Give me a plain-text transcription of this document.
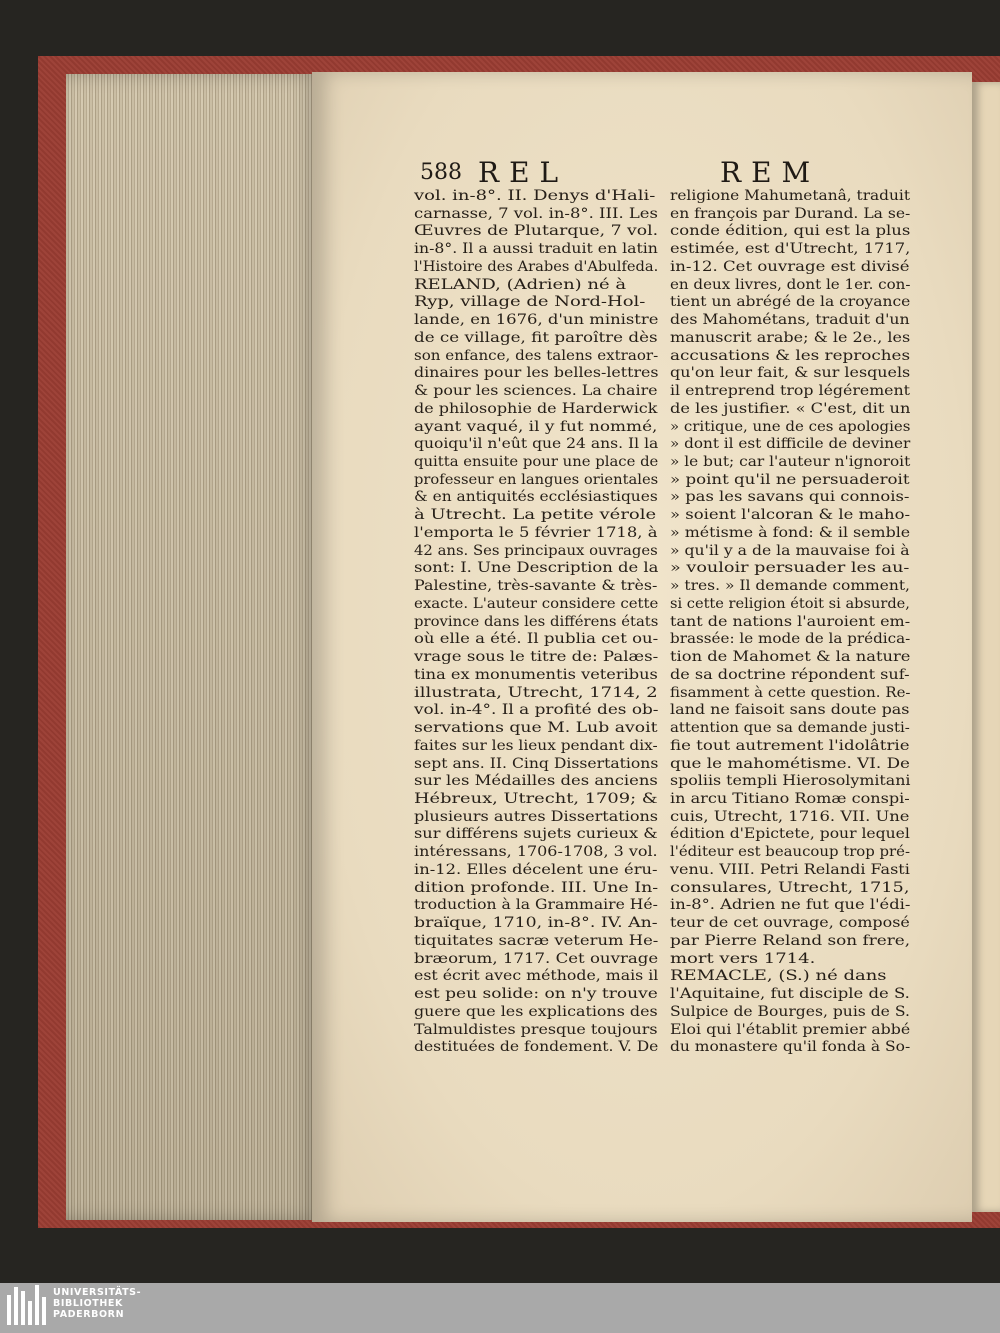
588 REL	REM
vol. in-8°. II. Denys d'Hali-
carnasse, 7 vol. in-8°. III. Les
Œuvres de Plutarque, 7 vol.
in-8°. Il a aussi traduit en latin
l'Histoire des Arabes d'Abulfeda.
RELAND, (Adrien) né à
Ryp, village de Nord-Hol-
lande, en 1676, d'un ministre
de ce village, fit paroître dès
son enfance, des talens extraor-
dinaires pour les belles-lettres
& pour les sciences. La chaire
de philosophie de Harderwick
ayant vaqué, il y fut nommé,
quoiqu'il n'eût que 24 ans. Il la
quitta ensuite pour une place de
professeur en langues orientales
& en antiquités ecclésiastiques
à Utrecht. La petite vérole
l'emporta le 5 février 1718, à
42 ans. Ses principaux ouvrages
sont: I. Une Description de la
Palestine, très-savante & très-
exacte. L'auteur considere cette
province dans les différens états
où elle a été. Il publia cet ou-
vrage sous le titre de: Palæs-
tina ex monumentis veteribus
illustrata, Utrecht, 1714, 2
vol. in-4°. Il a profité des ob-
servations que M. Lub avoit
faites sur les lieux pendant dix-
sept ans. II. Cinq Dissertations
sur les Médailles des anciens
Hébreux, Utrecht, 1709; &
plusieurs autres Dissertations
sur différens sujets curieux &
intéressans, 1706-1708, 3 vol.
in-12. Elles décelent une éru-
dition profonde. III. Une In-
troduction à la Grammaire Hé-
braïque, 1710, in-8°. IV. An-
tiquitates sacræ veterum He-
bræorum, 1717. Cet ouvrage
est écrit avec méthode, mais il
est peu solide: on n'y trouve
guere que les explications des
Talmuldistes presque toujours
destituées de fondement. V. De
religione Mahumetanâ, traduit
en françois par Durand. La se-
conde édition, qui est la plus
estimée, est d'Utrecht, 1717,
in-12. Cet ouvrage est divisé
en deux livres, dont le 1er. con-
tient un abrégé de la croyance
des Mahométans, traduit d'un
manuscrit arabe; & le 2e., les
accusations & les reproches
qu'on leur fait, & sur lesquels
il entreprend trop légérement
de les justifier. « C'est, dit un
» critique, une de ces apologies
» dont il est difficile de deviner
» le but; car l'auteur n'ignoroit
» point qu'il ne persuaderoit
» pas les savans qui connois-
» soient l'alcoran & le maho-
» métisme à fond: & il semble
» qu'il y a de la mauvaise foi à
» vouloir persuader les au-
» tres. » Il demande comment,
si cette religion étoit si absurde,
tant de nations l'auroient em-
brassée: le mode de la prédica-
tion de Mahomet & la nature
de sa doctrine répondent suf-
fisamment à cette question. Re-
land ne faisoit sans doute pas
attention que sa demande justi-
fie tout autrement l'idolâtrie
que le mahométisme. VI. De
spoliis templi Hierosolymitani
in arcu Titiano Romæ conspi-
cuis, Utrecht, 1716. VII. Une
édition d'Epictete, pour lequel
l'éditeur est beaucoup trop pré-
venu. VIII. Petri Relandi Fasti
consulares, Utrecht, 1715,
in-8°. Adrien ne fut que l'édi-
teur de cet ouvrage, composé
par Pierre Reland son frere,
mort vers 1714.
REMACLE, (S.) né dans
l'Aquitaine, fut disciple de S.
Sulpice de Bourges, puis de S.
Eloi qui l'établit premier abbé
du monastere qu'il fonda à So-
UNIVERSITÄTS-
BIBLIOTHEK
PADERBORN
